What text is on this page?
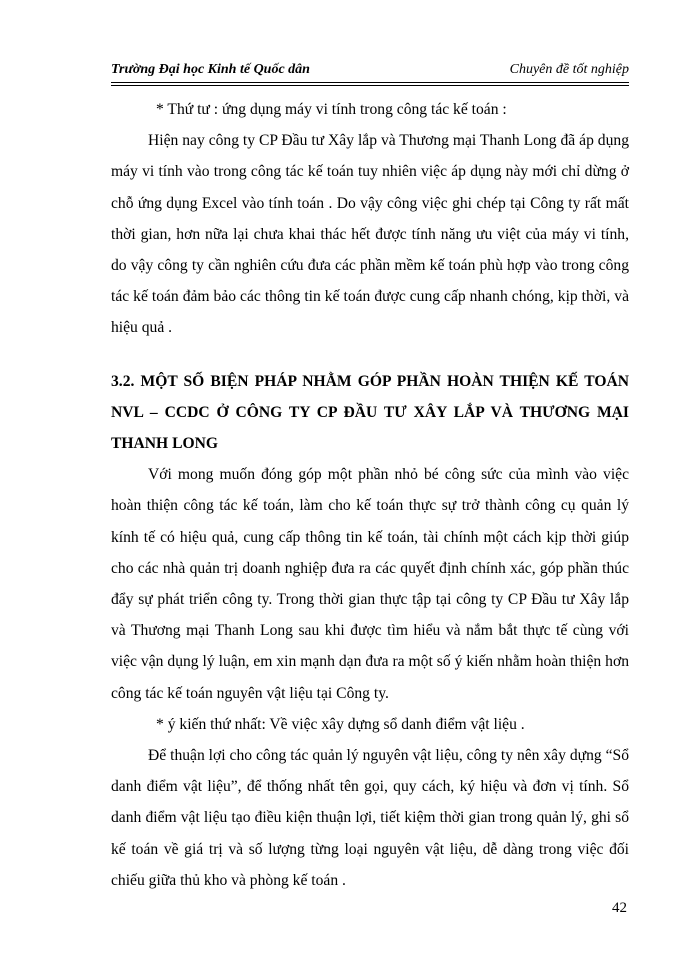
Trường Đại học Kinh tế Quốc dân	Chuyên đề tốt nghiệp

* Thứ tư : ứng dụng máy vi tính trong công tác kế toán :

Hiện nay công ty CP Đầu tư Xây lắp và Thương mại Thanh Long đã áp dụng máy vi tính vào trong công tác kế toán tuy nhiên việc áp dụng này mới chỉ dừng ở chỗ ứng dụng Excel vào tính toán . Do vậy công việc ghi chép tại Công ty rất mất thời gian, hơn nữa lại chưa khai thác hết được tính năng ưu việt của máy vi tính, do vậy công ty cần nghiên cứu đưa các phần mềm kế toán phù hợp vào trong công tác kế toán đảm bảo các thông tin kế toán được cung cấp nhanh chóng, kịp thời, và hiệu quả .

3.2. MỘT SỐ BIỆN PHÁP NHẰM GÓP PHẦN HOÀN THIỆN KẾ TOÁN NVL – CCDC Ở CÔNG TY CP ĐẦU TƯ XÂY LẮP VÀ THƯƠNG MẠI THANH LONG

Với mong muốn đóng góp một phần nhỏ bé công sức của mình vào việc hoàn thiện công tác kế toán, làm cho kế toán thực sự trở thành công cụ quản lý kính tế có hiệu quả, cung cấp thông tin kế toán, tài chính một cách kịp thời giúp cho các nhà quản trị doanh nghiệp đưa ra các quyết định chính xác, góp phần thúc đẩy sự phát triển công ty. Trong thời gian thực tập tại công ty CP Đầu tư Xây lắp và Thương mại Thanh Long sau khi được tìm hiểu và nắm bắt thực tế cùng với việc vận dụng lý luận, em xin mạnh dạn đưa ra một số ý kiến nhằm hoàn thiện hơn công tác kế toán nguyên vật liệu tại Công ty.

* ý kiến thứ nhất: Về việc xây dựng sổ danh điểm vật liệu .

Để thuận lợi cho công tác quản lý nguyên vật liệu, công ty nên xây dựng “Sổ danh điểm vật liệu”, để thống nhất tên gọi, quy cách, ký hiệu và đơn vị tính. Sổ danh điểm vật liệu tạo điều kiện thuận lợi, tiết kiệm thời gian trong quản lý, ghi sổ kế toán về giá trị và số lượng từng loại nguyên vật liệu, dễ dàng trong việc đối chiếu giữa thủ kho và phòng kế toán .

42
